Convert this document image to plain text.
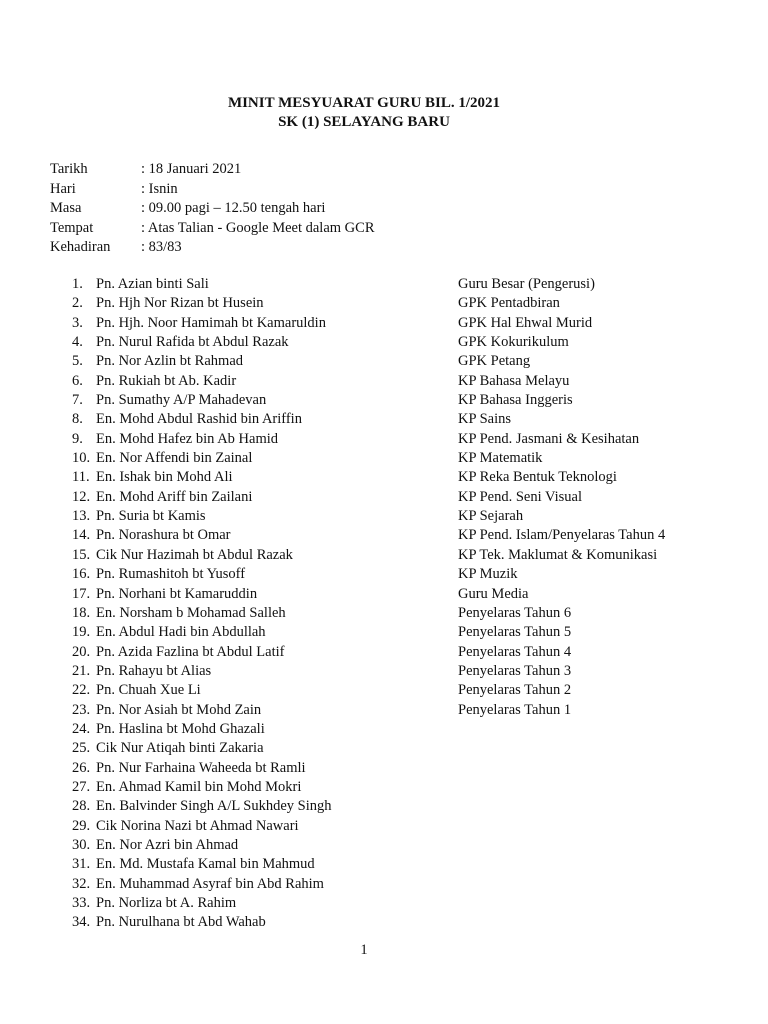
MINIT MESYUARAT GURU BIL. 1/2021
SK (1) SELAYANG BARU
Tarikh	: 18 Januari 2021
Hari	: Isnin
Masa	: 09.00 pagi – 12.50 tengah hari
Tempat	: Atas Talian - Google Meet dalam GCR
Kehadiran : 83/83
1. Pn. Azian binti Sali	Guru Besar (Pengerusi)
2. Pn. Hjh Nor Rizan bt Husein	GPK Pentadbiran
3. Pn. Hjh. Noor Hamimah bt Kamaruldin	GPK Hal Ehwal Murid
4. Pn. Nurul Rafida bt Abdul Razak	GPK Kokurikulum
5. Pn. Nor Azlin bt Rahmad	GPK Petang
6. Pn. Rukiah bt Ab. Kadir	KP Bahasa Melayu
7. Pn. Sumathy A/P Mahadevan	KP Bahasa Inggeris
8. En. Mohd Abdul Rashid bin Ariffin	KP Sains
9. En. Mohd Hafez bin Ab Hamid	KP Pend. Jasmani & Kesihatan
10. En. Nor Affendi bin Zainal	KP Matematik
11. En. Ishak bin Mohd Ali	KP Reka Bentuk Teknologi
12. En. Mohd Ariff bin Zailani	KP Pend. Seni Visual
13. Pn. Suria bt Kamis	KP Sejarah
14. Pn. Norashura bt Omar	KP Pend. Islam/Penyelaras Tahun 4
15. Cik Nur Hazimah bt Abdul Razak	KP Tek. Maklumat & Komunikasi
16. Pn. Rumashitoh bt Yusoff	KP Muzik
17. Pn. Norhani bt Kamaruddin	Guru Media
18. En. Norsham b Mohamad Salleh	Penyelaras Tahun 6
19. En. Abdul Hadi bin Abdullah	Penyelaras Tahun 5
20. Pn. Azida Fazlina bt Abdul Latif	Penyelaras Tahun 4
21. Pn. Rahayu bt Alias	Penyelaras Tahun 3
22. Pn. Chuah Xue Li	Penyelaras Tahun 2
23. Pn. Nor Asiah bt Mohd Zain	Penyelaras Tahun 1
24. Pn. Haslina bt Mohd Ghazali
25. Cik Nur Atiqah binti Zakaria
26. Pn. Nur Farhaina Waheeda bt Ramli
27. En. Ahmad Kamil bin Mohd Mokri
28. En. Balvinder Singh A/L Sukhdey Singh
29. Cik Norina Nazi bt Ahmad Nawari
30. En. Nor Azri bin Ahmad
31. En. Md. Mustafa Kamal bin Mahmud
32. En. Muhammad Asyraf bin Abd Rahim
33. Pn. Norliza bt A. Rahim
34. Pn. Nurulhana bt Abd Wahab
1
